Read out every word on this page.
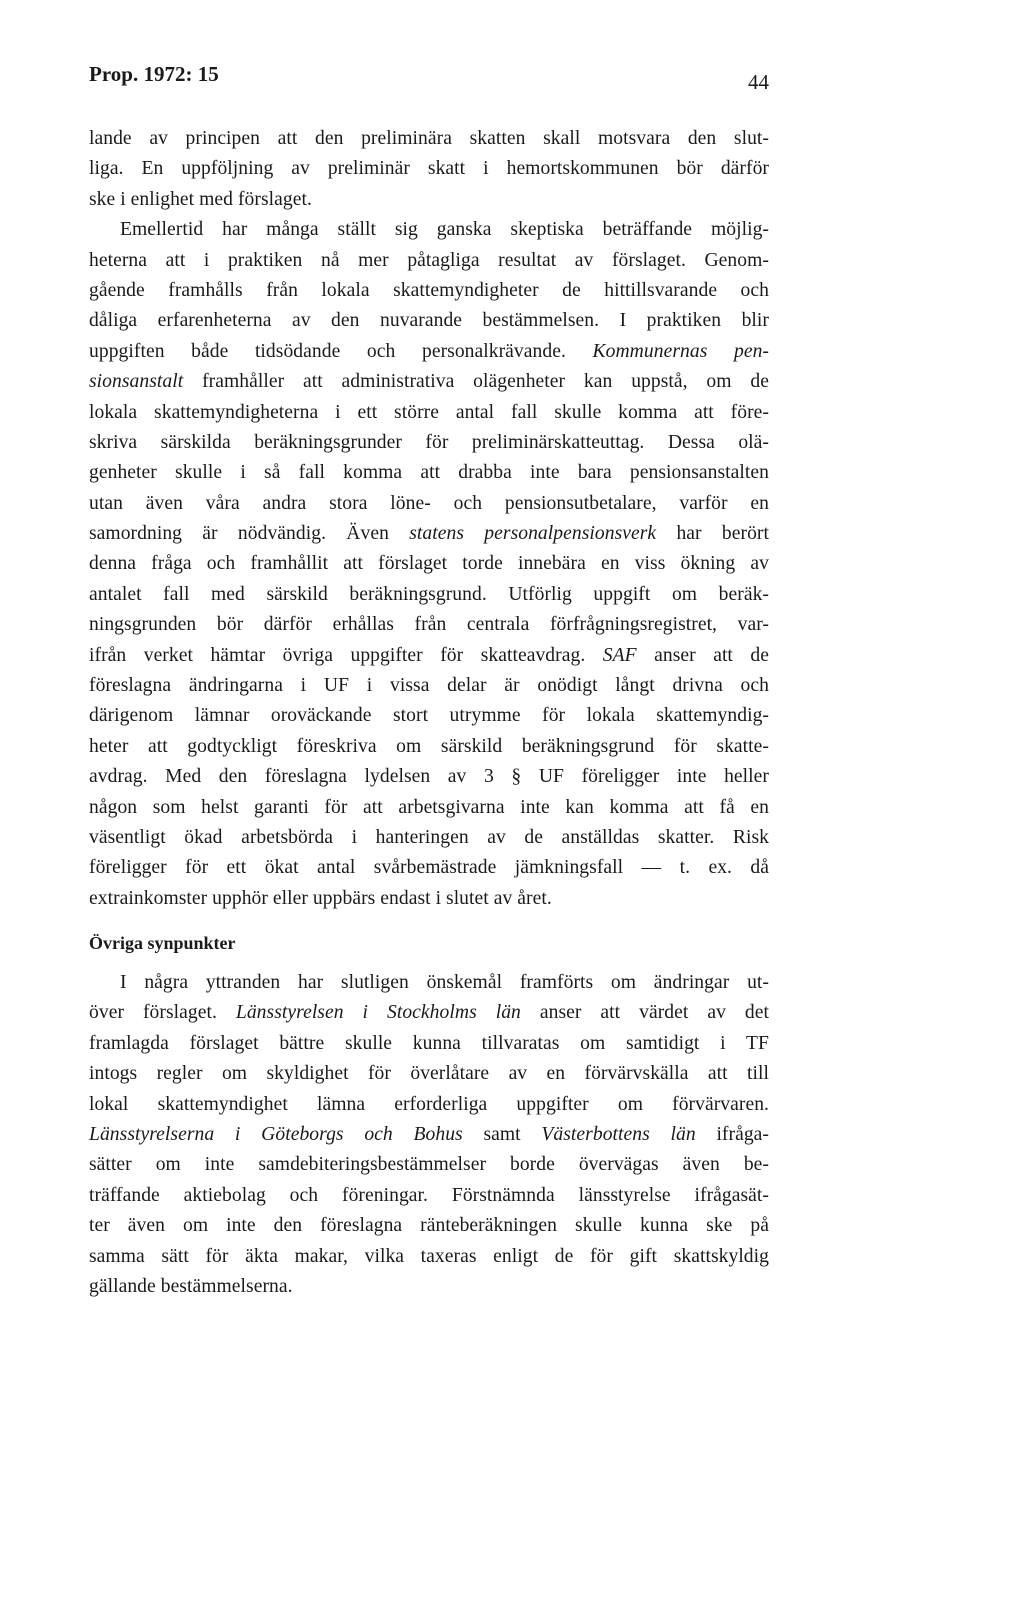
Prop. 1972: 15	44
lande av principen att den preliminära skatten skall motsvara den slut-
liga. En uppföljning av preliminär skatt i hemortskommunen bör därför
ske i enlighet med förslaget.
Emellertid har många ställt sig ganska skeptiska beträffande möjlig-
heterna att i praktiken nå mer påtagliga resultat av förslaget. Genom-
gående framhålls från lokala skattemyndigheter de hittillsvarande och
dåliga erfarenheterna av den nuvarande bestämmelsen. I praktiken blir
uppgiften både tidsödande och personalkrävande. Kommunernas pen-
sionsanstalt framhåller att administrativa olägenheter kan uppstå, om de
lokala skattemyndigheterna i ett större antal fall skulle komma att före-
skriva särskilda beräkningsgrunder för preliminärskatteuttag. Dessa olä-
genheter skulle i så fall komma att drabba inte bara pensionsanstalten
utan även våra andra stora löne- och pensionsutbetalare, varför en
samordning är nödvändig. Även statens personalpensionsverk har berört
denna fråga och framhållit att förslaget torde innebära en viss ökning av
antalet fall med särskild beräkningsgrund. Utförlig uppgift om beräk-
ningsgrunden bör därför erhållas från centrala förfrågningsregistret, var-
ifrån verket hämtar övriga uppgifter för skatteavdrag. SAF anser att de
föreslagna ändringarna i UF i vissa delar är onödigt långt drivna och
därigenom lämnar oroväckande stort utrymme för lokala skattemyndig-
heter att godtyckligt föreskriva om särskild beräkningsgrund för skatte-
avdrag. Med den föreslagna lydelsen av 3 § UF föreligger inte heller
någon som helst garanti för att arbetsgivarna inte kan komma att få en
väsentligt ökad arbetsbörda i hanteringen av de anställdas skatter. Risk
föreligger för ett ökat antal svårbemästrade jämkningsfall — t. ex. då
extrainkomster upphör eller uppbärs endast i slutet av året.
Övriga synpunkter
I några yttranden har slutligen önskemål framförts om ändringar ut-
över förslaget. Länsstyrelsen i Stockholms län anser att värdet av det
framlagda förslaget bättre skulle kunna tillvaratas om samtidigt i TF
intogs regler om skyldighet för överlåtare av en förvärvskälla att till
lokal skattemyndighet lämna erforderliga uppgifter om förvärvaren.
Länsstyrelserna i Göteborgs och Bohus samt Västerbottens län ifråga-
sätter om inte samdebiteringsbestämmelser borde övervägas även be-
träffande aktiebolag och föreningar. Förstnämnda länsstyrelse ifrågasät-
ter även om inte den föreslagna ränteberäkningen skulle kunna ske på
samma sätt för äkta makar, vilka taxeras enligt de för gift skattskyldig
gällande bestämmelserna.
